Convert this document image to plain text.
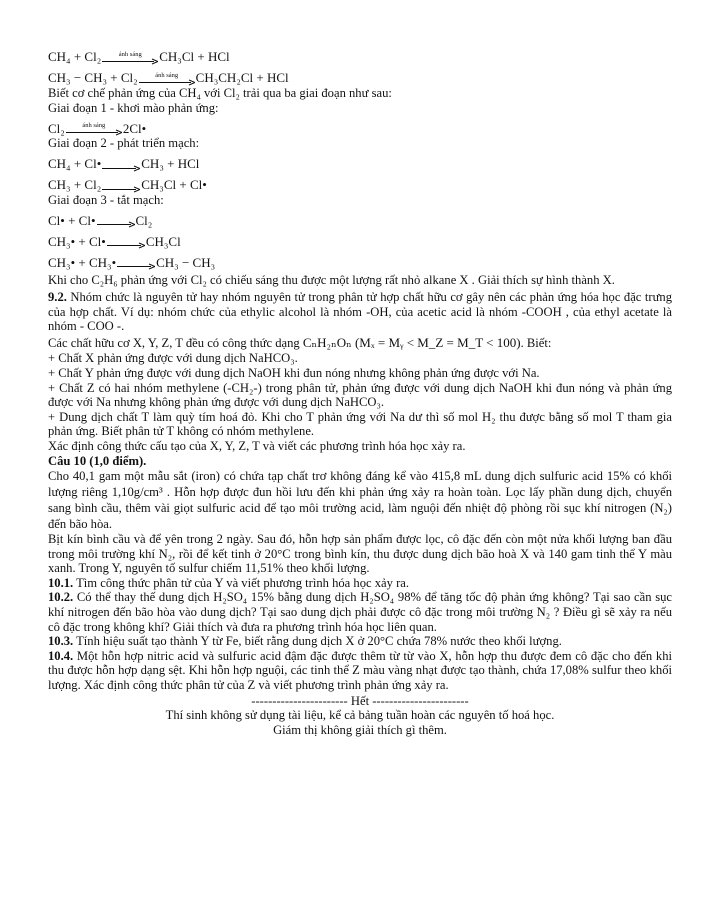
CH₄ + Cl₂	ánh sáng CH₃Cl + HCl
CH₃ − CH₃ + Cl₂	ánh sáng CH₃CH₂Cl + HCl

Biết cơ chế phản ứng của CH₄ với Cl₂ trải qua ba giai đoạn như sau:

Giai đoạn 1 - khơi mào phản ứng:

Cl₂	ánh sáng 2Cl•

Giai đoạn 2 - phát triển mạch:

CH₄ + Cl•	CH₃ + HCl
CH₃ + Cl₂	CH₃Cl + Cl•

Giai đoạn 3 - tắt mạch:

Cl• + Cl•	Cl₂
CH₃• + Cl•	CH₃Cl
CH₃• + CH₃•	CH₃ − CH₃

Khi cho C₂H₆ phản ứng với Cl₂ có chiếu sáng thu được một lượng rất nhỏ alkane X . Giải thích sự hình thành X.

9.2. Nhóm chức là nguyên tử hay nhóm nguyên tử trong phân tử hợp chất hữu cơ gây nên các phản ứng hóa học đặc trưng của hợp chất. Ví dụ: nhóm chức của ethylic alcohol là nhóm -OH, của acetic acid là nhóm -COOH , của ethyl acetate là nhóm - COO -.

Các chất hữu cơ X, Y, Z, T đều có công thức dạng CₙH₂ₙOₙ (Mₓ = Mᵧ < M_Z = M_T < 100). Biết:

+ Chất X phản ứng được với dung dịch NaHCO₃.

+ Chất Y phản ứng được với dung dịch NaOH khi đun nóng nhưng không phản ứng được với Na.

+ Chất Z có hai nhóm methylene (-CH₂-) trong phân tử, phản ứng được với dung dịch NaOH khi đun nóng và phản ứng được với Na nhưng không phản ứng được với dung dịch NaHCO₃.

+ Dung dịch chất T làm quỳ tím hoá đỏ. Khi cho T phản ứng với Na dư thì số mol H₂ thu được bằng số mol T tham gia phản ứng. Biết phân tử T không có nhóm methylene.

Xác định công thức cấu tạo của X, Y, Z, T và viết các phương trình hóa học xảy ra.

Câu 10 (1,0 điểm).

Cho 40,1 gam một mẫu sắt (iron) có chứa tạp chất trơ không đáng kể vào 415,8 mL dung dịch sulfuric acid 15% có khối lượng riêng 1,10g/cm³ . Hỗn hợp được đun hồi lưu đến khi phản ứng xảy ra hoàn toàn. Lọc lấy phần dung dịch, chuyển sang bình cầu, thêm vài giọt sulfuric acid để tạo môi trường acid, làm nguội đến nhiệt độ phòng rồi sục khí nitrogen (N₂) đến bão hòa.

Bịt kín bình cầu và để yên trong 2 ngày. Sau đó, hỗn hợp sản phẩm được lọc, cô đặc đến còn một nửa khối lượng ban đầu trong môi trường khí N₂, rồi để kết tinh ở 20°C trong bình kín, thu được dung dịch bão hoà X và 140 gam tinh thể Y màu xanh. Trong Y, nguyên tố sulfur chiếm 11,51% theo khối lượng.

10.1. Tìm công thức phân tử của Y và viết phương trình hóa học xảy ra.

10.2. Có thể thay thế dung dịch H₂SO₄ 15% bằng dung dịch H₂SO₄ 98% để tăng tốc độ phản ứng không? Tại sao cần sục khí nitrogen đến bão hòa vào dung dịch? Tại sao dung dịch phải được cô đặc trong môi trường N₂ ? Điều gì sẽ xảy ra nếu cô đặc trong không khí? Giải thích và đưa ra phương trình hóa học liên quan.

10.3. Tính hiệu suất tạo thành Y từ Fe, biết rằng dung dịch X ở 20°C chứa 78% nước theo khối lượng.

10.4. Một hỗn hợp nitric acid và sulfuric acid đậm đặc được thêm từ từ vào X, hỗn hợp thu được đem cô đặc cho đến khi thu được hỗn hợp dạng sệt. Khi hỗn hợp nguội, các tinh thể Z màu vàng nhạt được tạo thành, chứa 17,08% sulfur theo khối lượng. Xác định công thức phân tử của Z và viết phương trình phản ứng xảy ra.

----------------------- Hết -----------------------

Thí sinh không sử dụng tài liệu, kể cả bảng tuần hoàn các nguyên tố hoá học.

Giám thị không giải thích gì thêm.
